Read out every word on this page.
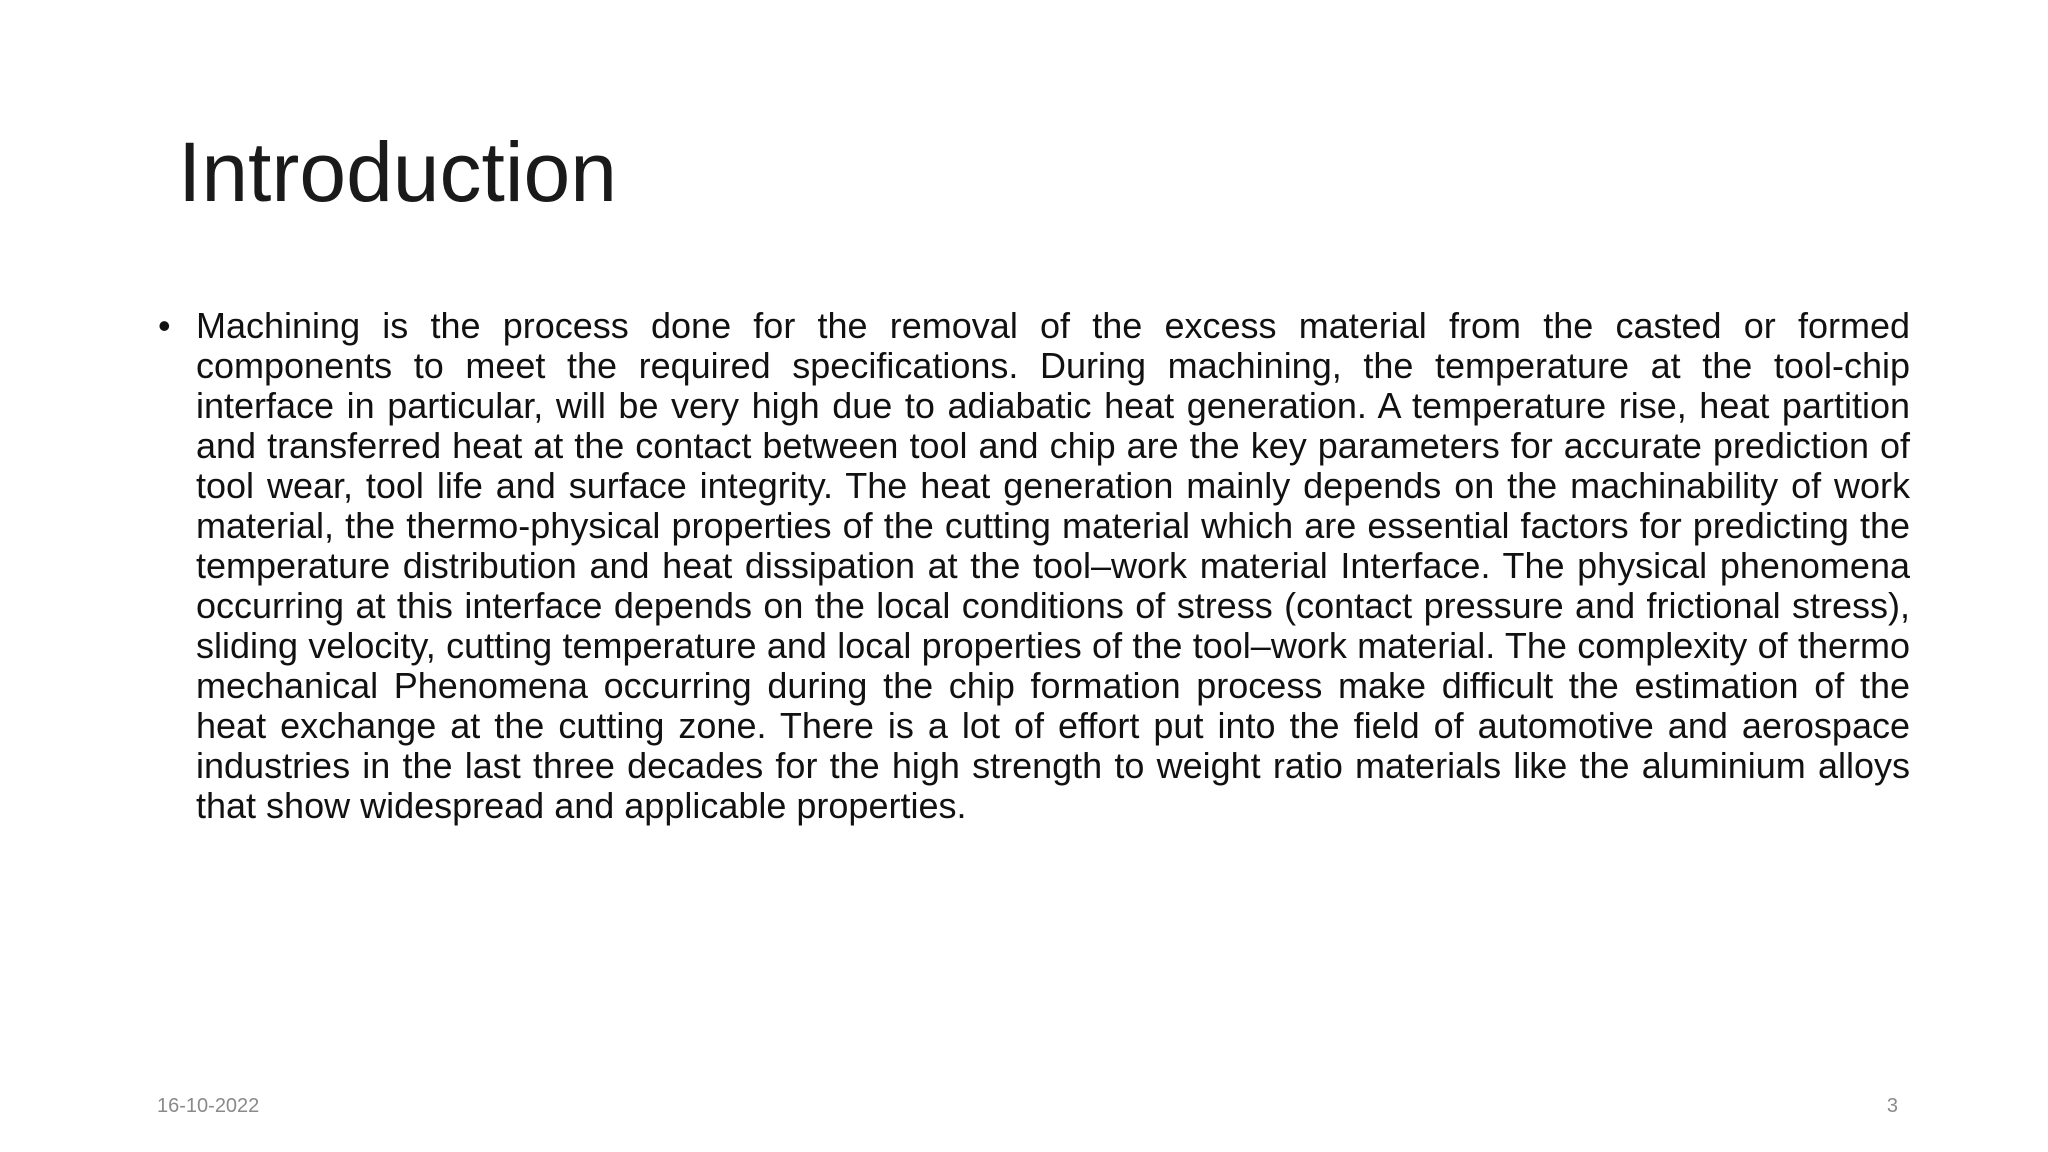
Introduction
• Machining is the process done for the removal of the excess material from the casted or formed components to meet the required specifications. During machining, the temperature at the tool-chip interface in particular, will be very high due to adiabatic heat generation. A temperature rise, heat partition and transferred heat at the contact between tool and chip are the key parameters for accurate prediction of tool wear, tool life and surface integrity. The heat generation mainly depends on the machinability of work material, the thermo-physical properties of the cutting material which are essential factors for predicting the temperature distribution and heat dissipation at the tool–work material Interface. The physical phenomena occurring at this interface depends on the local conditions of stress (contact pressure and frictional stress), sliding velocity, cutting temperature and local properties of the tool–work material. The complexity of thermo mechanical Phenomena occurring during the chip formation process make difficult the estimation of the heat exchange at the cutting zone. There is a lot of effort put into the field of automotive and aerospace industries in the last three decades for the high strength to weight ratio materials like the aluminium alloys that show widespread and applicable properties.
16-10-2022	3
